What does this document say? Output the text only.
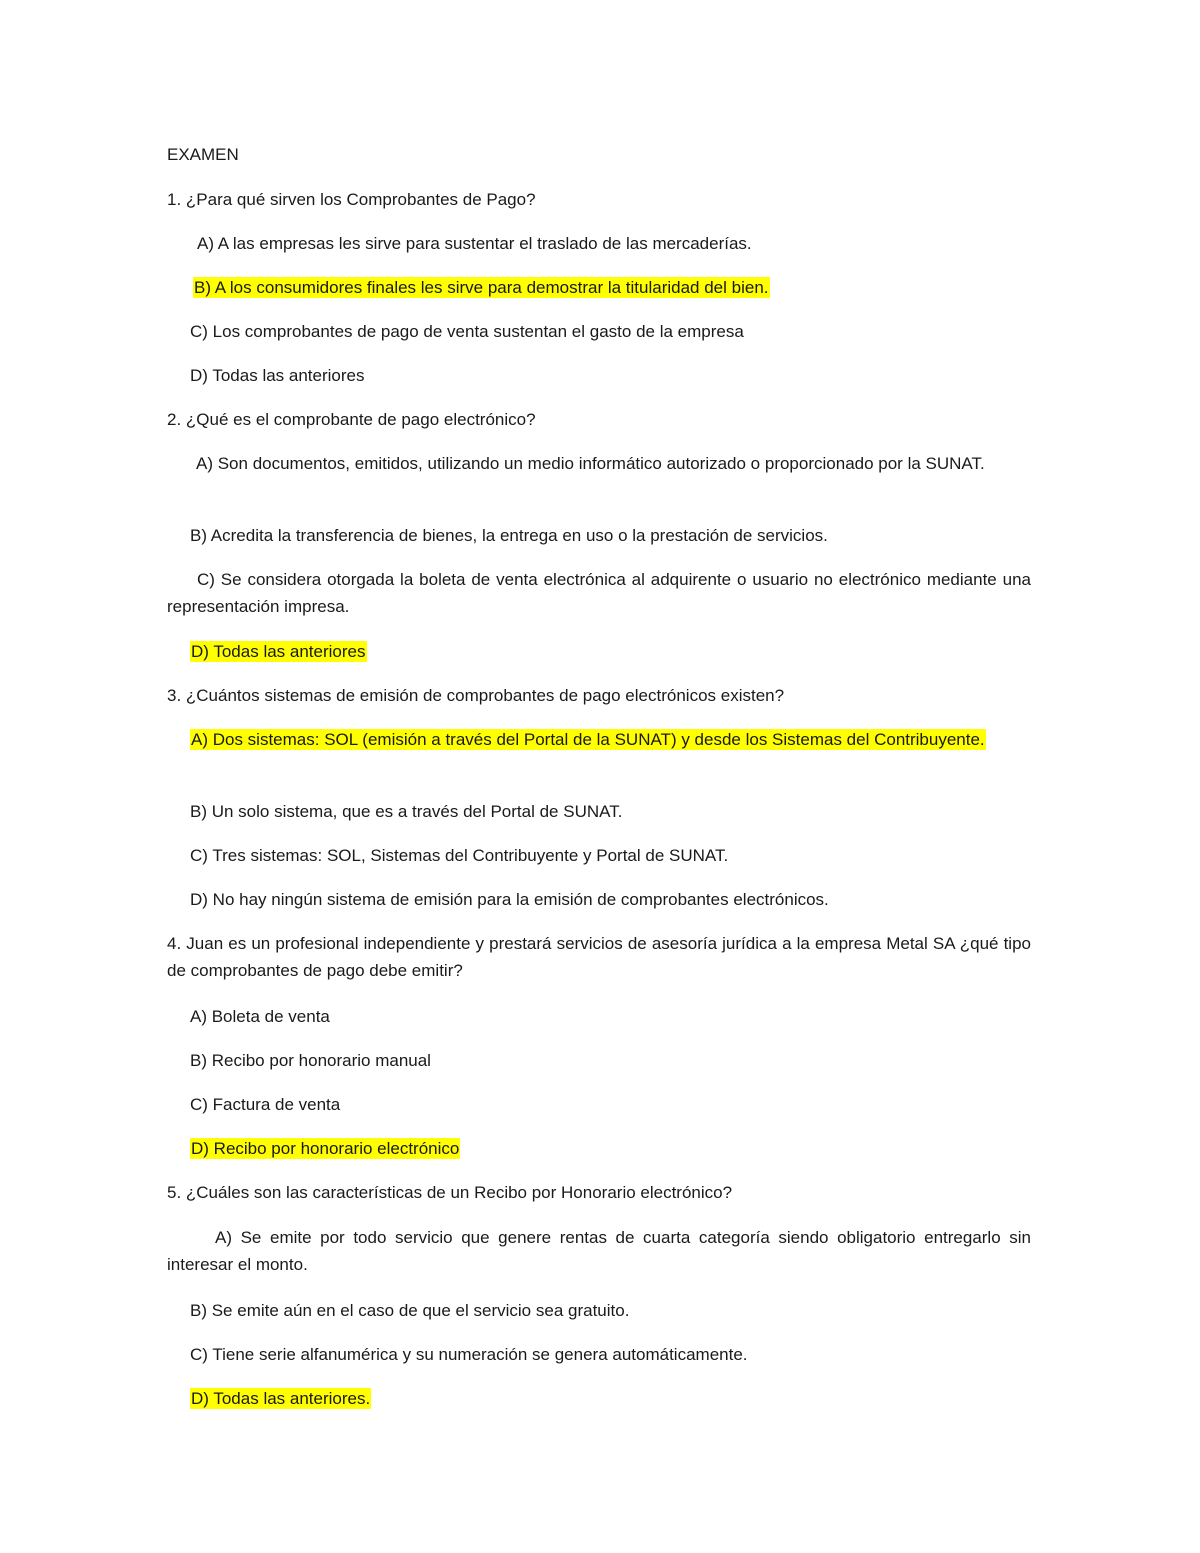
EXAMEN
1. ¿Para qué sirven los Comprobantes de Pago?
A) A las empresas les sirve para sustentar el traslado de las mercaderías.
B) A los consumidores finales les sirve para demostrar la titularidad del bien.
C) Los comprobantes de pago de venta sustentan el gasto de la empresa
D) Todas las anteriores
2. ¿Qué es el comprobante de pago electrónico?
A) Son documentos, emitidos, utilizando un medio informático autorizado o proporcionado por la SUNAT.
B) Acredita la transferencia de bienes, la entrega en uso o la prestación de servicios.
C) Se considera otorgada la boleta de venta electrónica al adquirente o usuario no electrónico mediante una representación impresa.
D) Todas las anteriores
3. ¿Cuántos sistemas de emisión de comprobantes de pago electrónicos existen?
A) Dos sistemas: SOL (emisión a través del Portal de la SUNAT) y desde los Sistemas del Contribuyente.
B) Un solo sistema, que es a través del Portal de SUNAT.
C) Tres sistemas: SOL, Sistemas del Contribuyente y Portal de SUNAT.
D) No hay ningún sistema de emisión para la emisión de comprobantes electrónicos.
4. Juan es un profesional independiente y prestará servicios de asesoría jurídica a la empresa Metal SA ¿qué tipo de comprobantes de pago debe emitir?
A) Boleta de venta
B) Recibo por honorario manual
C) Factura de venta
D) Recibo por honorario electrónico
5. ¿Cuáles son las características de un Recibo por Honorario electrónico?
A) Se emite por todo servicio que genere rentas de cuarta categoría siendo obligatorio entregarlo sin interesar el monto.
B) Se emite aún en el caso de que el servicio sea gratuito.
C) Tiene serie alfanumérica y su numeración se genera automáticamente.
D) Todas las anteriores.
